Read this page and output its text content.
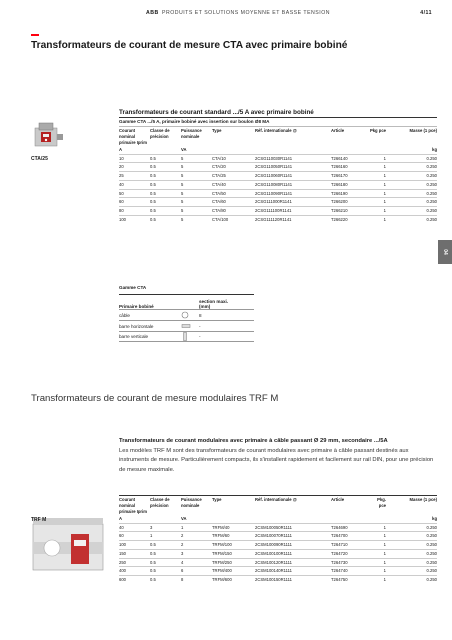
ABB PRODUITS ET SOLUTIONS MOYENNE ET BASSE TENSION	4/11
Transformateurs de courant de mesure CTA avec primaire bobiné
CTA/25
Transformateurs de courant standard .../5 A avec primaire bobiné
Gamme CTA .../5 A, primaire bobiné avec insertion sur boulon Ø8 MA
Courant nominal primaire Iprim	Classe de précision	Puissance nominale	Type	Réf. internationale @	Article	Pkg pce	Masse (1 pce)
A		VA					kg
10	0.5	5	CTA/10	2CSG110030R1141	T266140	1	0.250
20	0.5	5	CTA/20	2CSG110050R1141	T266160	1	0.250
25	0.5	5	CTA/25	2CSG110060R1141	T266170	1	0.250
40	0.5	5	CTA/40	2CSG110080R1141	T266180	1	0.250
50	0.5	5	CTA/50	2CSG110090R1141	T266190	1	0.250
60	0.5	5	CTA/60	2CSG111000R1141	T266200	1	0.250
80	0.5	5	CTA/80	2CSG111100R1141	T266210	1	0.250
100	0.5	5	CTA/100	2CSG111120R1141	T266220	1	0.250
04
Gamme CTA
Primaire bobiné
section maxi. (mm)
câble	8
barre horizontale	-
barre verticale	-
Transformateurs de courant de mesure modulaires TRF M
Transformateurs de courant modulaires avec primaire à câble passant Ø 29 mm, secondaire .../5A
Les modèles TRF M sont des transformateurs de courant modulaires avec primaire à câble passant destinés aux instruments de mesure. Particulièrement compacts, ils s'installent rapidement et facilement sur rail DIN, pour une précision de mesure maximale.
TRF M
Courant nominal primaire Iprim	Classe de précision	Puissance nominale	Type	Réf. internationale @	Article	Pkg. pce	Masse (1 pce)
A		VA					kg
40	3	1	TRFM/40	2CSM100050R1111	T264690	1	0.250
60	1	2	TRFM/60	2CSM100070R1111	T264700	1	0.250
100	0.5	2	TRFM/100	2CSM100090R1111	T264710	1	0.250
150	0.5	3	TRFM/150	2CSM100100R1111	T264720	1	0.250
250	0.5	4	TRFM/250	2CSM100120R1111	T264730	1	0.250
400	0.5	6	TRFM/400	2CSM100140R1111	T264740	1	0.250
600	0.5	8	TRFM/600	2CSM100150R1111	T264750	1	0.250
